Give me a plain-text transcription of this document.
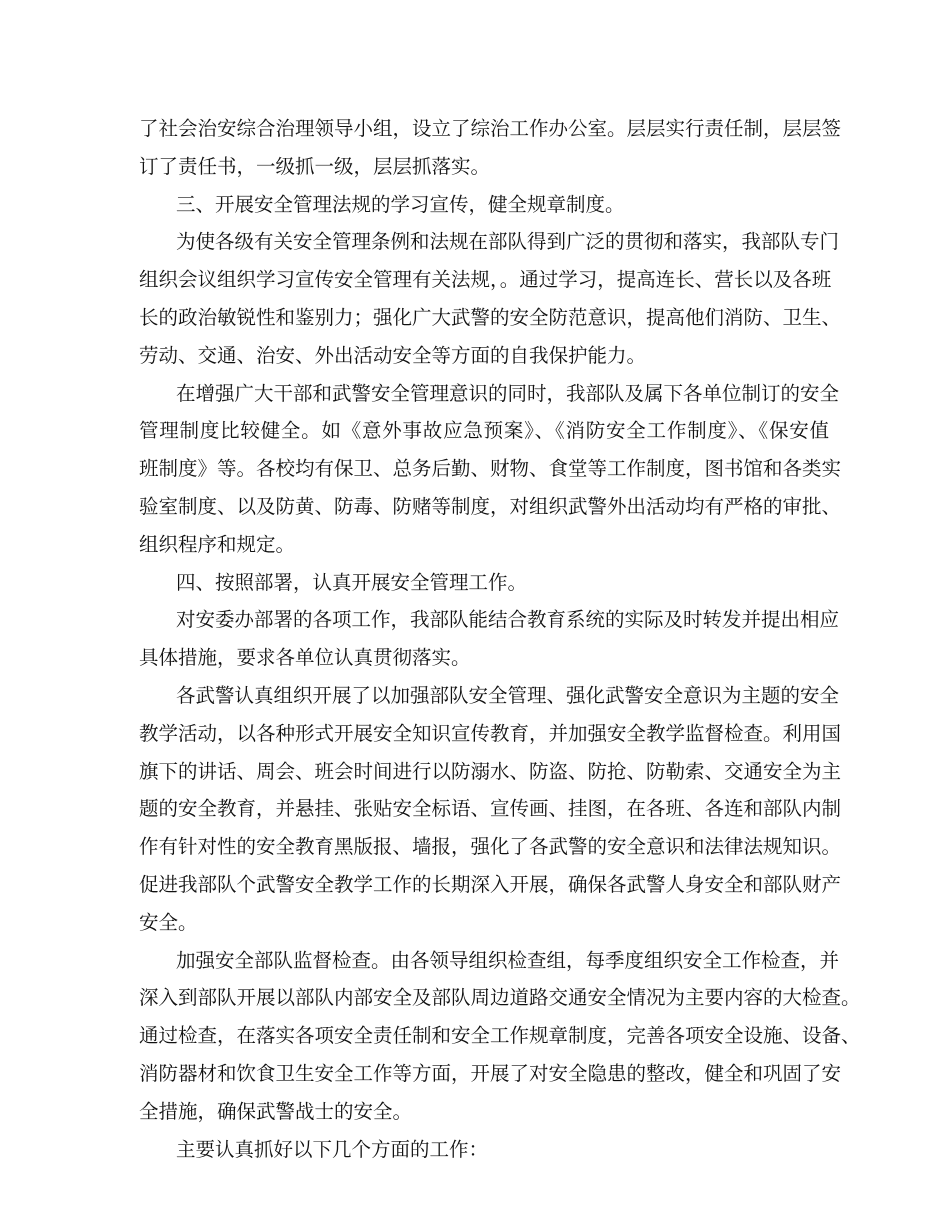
了社会治安综合治理领导小组，设立了综治工作办公室。层层实行责任制，层层签
订了责任书，一级抓一级，层层抓落实。
三、开展安全管理法规的学习宣传，健全规章制度。
为使各级有关安全管理条例和法规在部队得到广泛的贯彻和落实，我部队专门
组织会议组织学习宣传安全管理有关法规，。通过学习，提高连长、营长以及各班
长的政治敏锐性和鉴别力；强化广大武警的安全防范意识，提高他们消防、卫生、
劳动、交通、治安、外出活动安全等方面的自我保护能力。
在增强广大干部和武警安全管理意识的同时，我部队及属下各单位制订的安全
管理制度比较健全。如《意外事故应急预案》、《消防安全工作制度》、《保安值
班制度》等。各校均有保卫、总务后勤、财物、食堂等工作制度，图书馆和各类实
验室制度、以及防黄、防毒、防赌等制度，对组织武警外出活动均有严格的审批、
组织程序和规定。
四、按照部署，认真开展安全管理工作。
对安委办部署的各项工作，我部队能结合教育系统的实际及时转发并提出相应
具体措施，要求各单位认真贯彻落实。
各武警认真组织开展了以加强部队安全管理、强化武警安全意识为主题的安全
教学活动，以各种形式开展安全知识宣传教育，并加强安全教学监督检查。利用国
旗下的讲话、周会、班会时间进行以防溺水、防盗、防抢、防勒索、交通安全为主
题的安全教育，并悬挂、张贴安全标语、宣传画、挂图，在各班、各连和部队内制
作有针对性的安全教育黑版报、墙报，强化了各武警的安全意识和法律法规知识。
促进我部队个武警安全教学工作的长期深入开展，确保各武警人身安全和部队财产
安全。
加强安全部队监督检查。由各领导组织检查组，每季度组织安全工作检查，并
深入到部队开展以部队内部安全及部队周边道路交通安全情况为主要内容的大检查。
通过检查，在落实各项安全责任制和安全工作规章制度，完善各项安全设施、设备、
消防器材和饮食卫生安全工作等方面，开展了对安全隐患的整改，健全和巩固了安
全措施，确保武警战士的安全。
主要认真抓好以下几个方面的工作：
